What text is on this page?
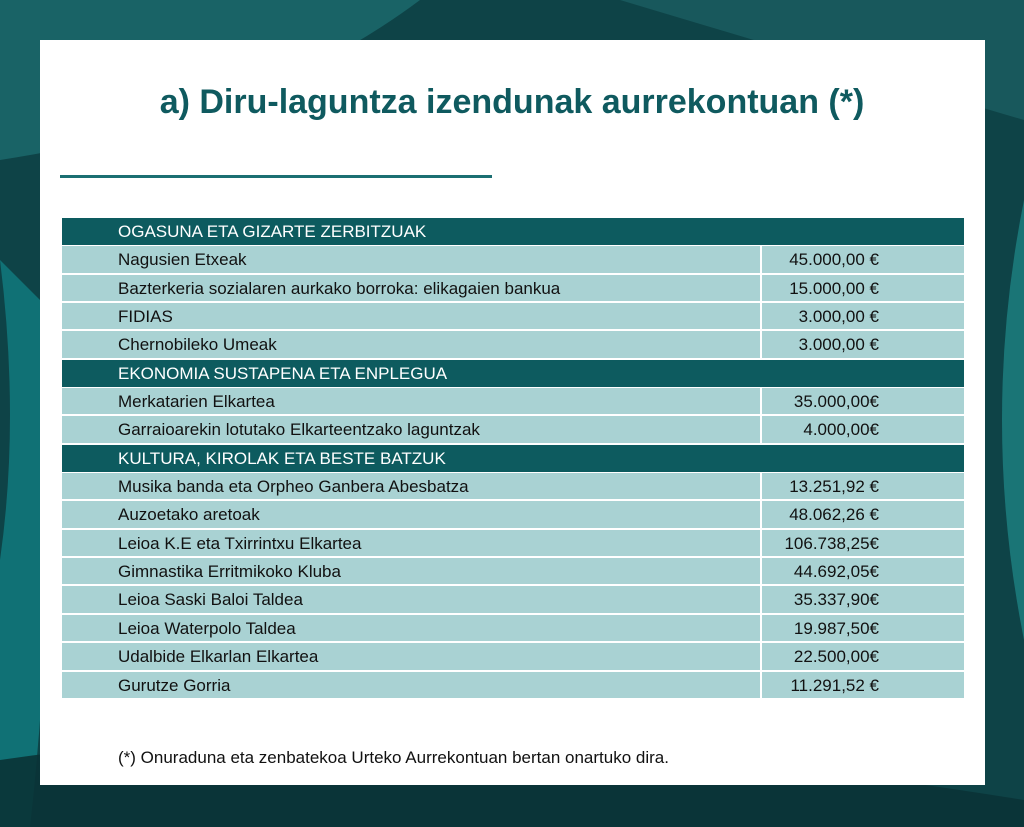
a) Diru-laguntza izendunak aurrekontuan (*)
OGASUNA ETA GIZARTE ZERBITZUAK
Nagusien Etxeak	45.000,00 €
Bazterkeria sozialaren aurkako borroka: elikagaien bankua	15.000,00 €
FIDIAS	3.000,00 €
Chernobileko Umeak	3.000,00 €
EKONOMIA SUSTAPENA ETA ENPLEGUA
Merkatarien Elkartea	35.000,00€
Garraioarekin lotutako Elkarteentzako laguntzak	4.000,00€
KULTURA, KIROLAK ETA BESTE BATZUK
Musika banda eta Orpheo Ganbera Abesbatza	13.251,92 €
Auzoetako aretoak	48.062,26 €
Leioa K.E eta Txirrintxu Elkartea	106.738,25€
Gimnastika Erritmikoko Kluba	44.692,05€
Leioa Saski Baloi Taldea	35.337,90€
Leioa Waterpolo Taldea	19.987,50€
Udalbide Elkarlan Elkartea	22.500,00€
Gurutze Gorria	11.291,52 €
(*) Onuraduna eta zenbatekoa Urteko Aurrekontuan bertan onartuko dira.
